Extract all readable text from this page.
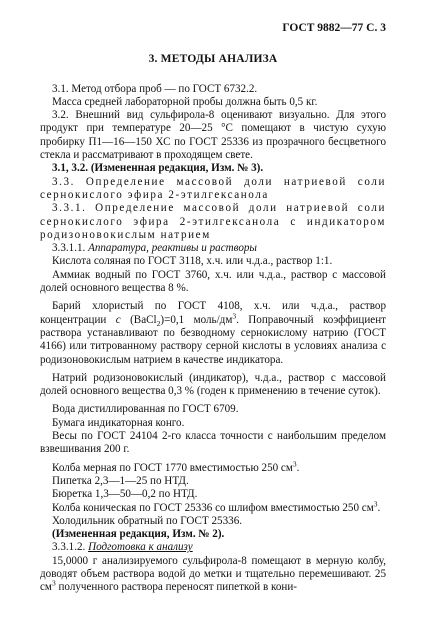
ГОСТ 9882—77 С. 3
3. МЕТОДЫ АНАЛИЗА

3.1. Метод отбора проб — по ГОСТ 6732.2.

Масса средней лабораторной пробы должна быть 0,5 кг.

3.2. Внешний вид сульфирола-8 оценивают визуально. Для этого продукт при температуре 20—25 °С помещают в чистую сухую пробирку П1—16—150 ХС по ГОСТ 25336 из прозрачного бесцветного стекла и рассматривают в проходящем свете.

3.1, 3.2. (Измененная редакция, Изм. № 3).

3.3. Определение массовой доли натриевой соли сернокислого эфира 2-этилгексанола

3.3.1. Определение массовой доли натриевой соли сернокислого эфира 2-этилгексанола с индикатором родизоновокислым натрием

3.3.1.1. Аппаратура, реактивы и растворы

Кислота соляная по ГОСТ 3118, х.ч. или ч.д.а., раствор 1:1.

Аммиак водный по ГОСТ 3760, х.ч. или ч.д.а., раствор с массовой долей основного вещества 8 %.

Барий хлористый по ГОСТ 4108, х.ч. или ч.д.а., раствор концентрации c (BaCl$_2$)=0,1 моль/$дм^3$. Поправочный коэффициент раствора устанавливают по безводному сернокислому натрию (ГОСТ 4166) или титрованному раствору серной кислоты в условиях анализа с родизоновокислым натрием в качестве индикатора.

Натрий родизоновокислый (индикатор), ч.д.а., раствор с массовой долей основного вещества 0,3 % (годен к применению в течение суток).

Вода дистиллированная по ГОСТ 6709.

Бумага индикаторная конго.

Весы по ГОСТ 24104 2-го класса точности с наибольшим пределом взвешивания 200 г.

Колба мерная по ГОСТ 1770 вместимостью 250 $см^3$.

Пипетка 2,3—1—25 по НТД.

Бюретка 1,3—50—0,2 по НТД.

Колба коническая по ГОСТ 25336 со шлифом вместимостью 250 $см^3$.

Холодильник обратный по ГОСТ 25336.

(Измененная редакция, Изм. № 2).

3.3.1.2. Подготовка к анализу

15,0000 г анализируемого сульфирола-8 помещают в мерную колбу, доводят объем раствора водой до метки и тщательно перемешивают. 25 $см^3$ полученного раствора переносят пипеткой в кони-
